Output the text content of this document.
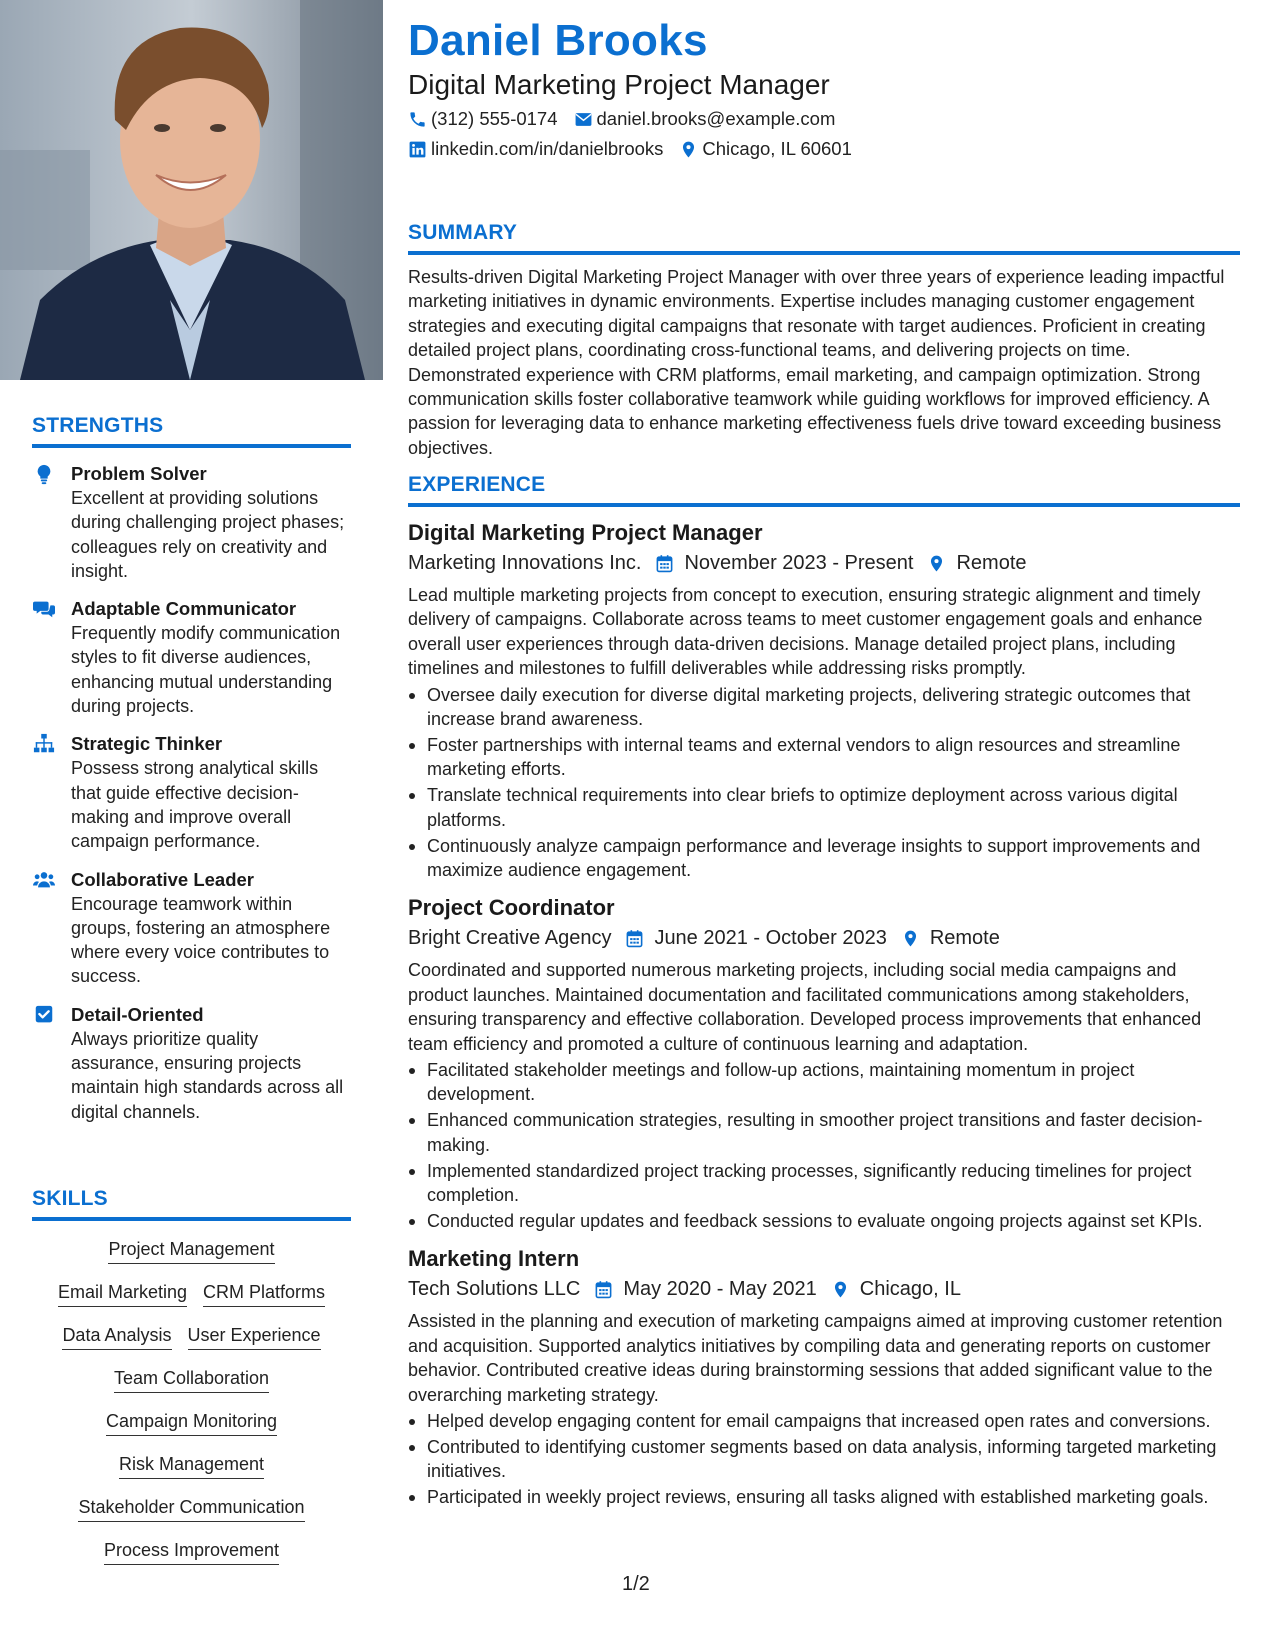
STRENGTHS
Problem Solver
Excellent at providing solutions during challenging project phases; colleagues rely on creativity and insight.
Adaptable Communicator
Frequently modify communication styles to fit diverse audiences, enhancing mutual understanding during projects.
Strategic Thinker
Possess strong analytical skills that guide effective decision-making and improve overall campaign performance.
Collaborative Leader
Encourage teamwork within groups, fostering an atmosphere where every voice contributes to success.
Detail-Oriented
Always prioritize quality assurance, ensuring projects maintain high standards across all digital channels.
SKILLS
Project Management
Email Marketing CRM Platforms
Data Analysis User Experience
Team Collaboration
Campaign Monitoring
Risk Management
Stakeholder Communication
Process Improvement
Daniel Brooks
Digital Marketing Project Manager
(312) 555-0174 daniel.brooks@example.com
linkedin.com/in/danielbrooks Chicago, IL 60601
SUMMARY
Results-driven Digital Marketing Project Manager with over three years of experience leading impactful marketing initiatives in dynamic environments. Expertise includes managing customer engagement strategies and executing digital campaigns that resonate with target audiences. Proficient in creating detailed project plans, coordinating cross-functional teams, and delivering projects on time. Demonstrated experience with CRM platforms, email marketing, and campaign optimization. Strong communication skills foster collaborative teamwork while guiding workflows for improved efficiency. A passion for leveraging data to enhance marketing effectiveness fuels drive toward exceeding business objectives.
EXPERIENCE
Digital Marketing Project Manager
Marketing Innovations Inc. November 2023 - Present Remote
Lead multiple marketing projects from concept to execution, ensuring strategic alignment and timely delivery of campaigns. Collaborate across teams to meet customer engagement goals and enhance overall user experiences through data-driven decisions. Manage detailed project plans, including timelines and milestones to fulfill deliverables while addressing risks promptly.
Oversee daily execution for diverse digital marketing projects, delivering strategic outcomes that increase brand awareness.
Foster partnerships with internal teams and external vendors to align resources and streamline marketing efforts.
Translate technical requirements into clear briefs to optimize deployment across various digital platforms.
Continuously analyze campaign performance and leverage insights to support improvements and maximize audience engagement.
Project Coordinator
Bright Creative Agency June 2021 - October 2023 Remote
Coordinated and supported numerous marketing projects, including social media campaigns and product launches. Maintained documentation and facilitated communications among stakeholders, ensuring transparency and effective collaboration. Developed process improvements that enhanced team efficiency and promoted a culture of continuous learning and adaptation.
Facilitated stakeholder meetings and follow-up actions, maintaining momentum in project development.
Enhanced communication strategies, resulting in smoother project transitions and faster decision-making.
Implemented standardized project tracking processes, significantly reducing timelines for project completion.
Conducted regular updates and feedback sessions to evaluate ongoing projects against set KPIs.
Marketing Intern
Tech Solutions LLC May 2020 - May 2021 Chicago, IL
Assisted in the planning and execution of marketing campaigns aimed at improving customer retention and acquisition. Supported analytics initiatives by compiling data and generating reports on customer behavior. Contributed creative ideas during brainstorming sessions that added significant value to the overarching marketing strategy.
Helped develop engaging content for email campaigns that increased open rates and conversions.
Contributed to identifying customer segments based on data analysis, informing targeted marketing initiatives.
Participated in weekly project reviews, ensuring all tasks aligned with established marketing goals.
1/2
